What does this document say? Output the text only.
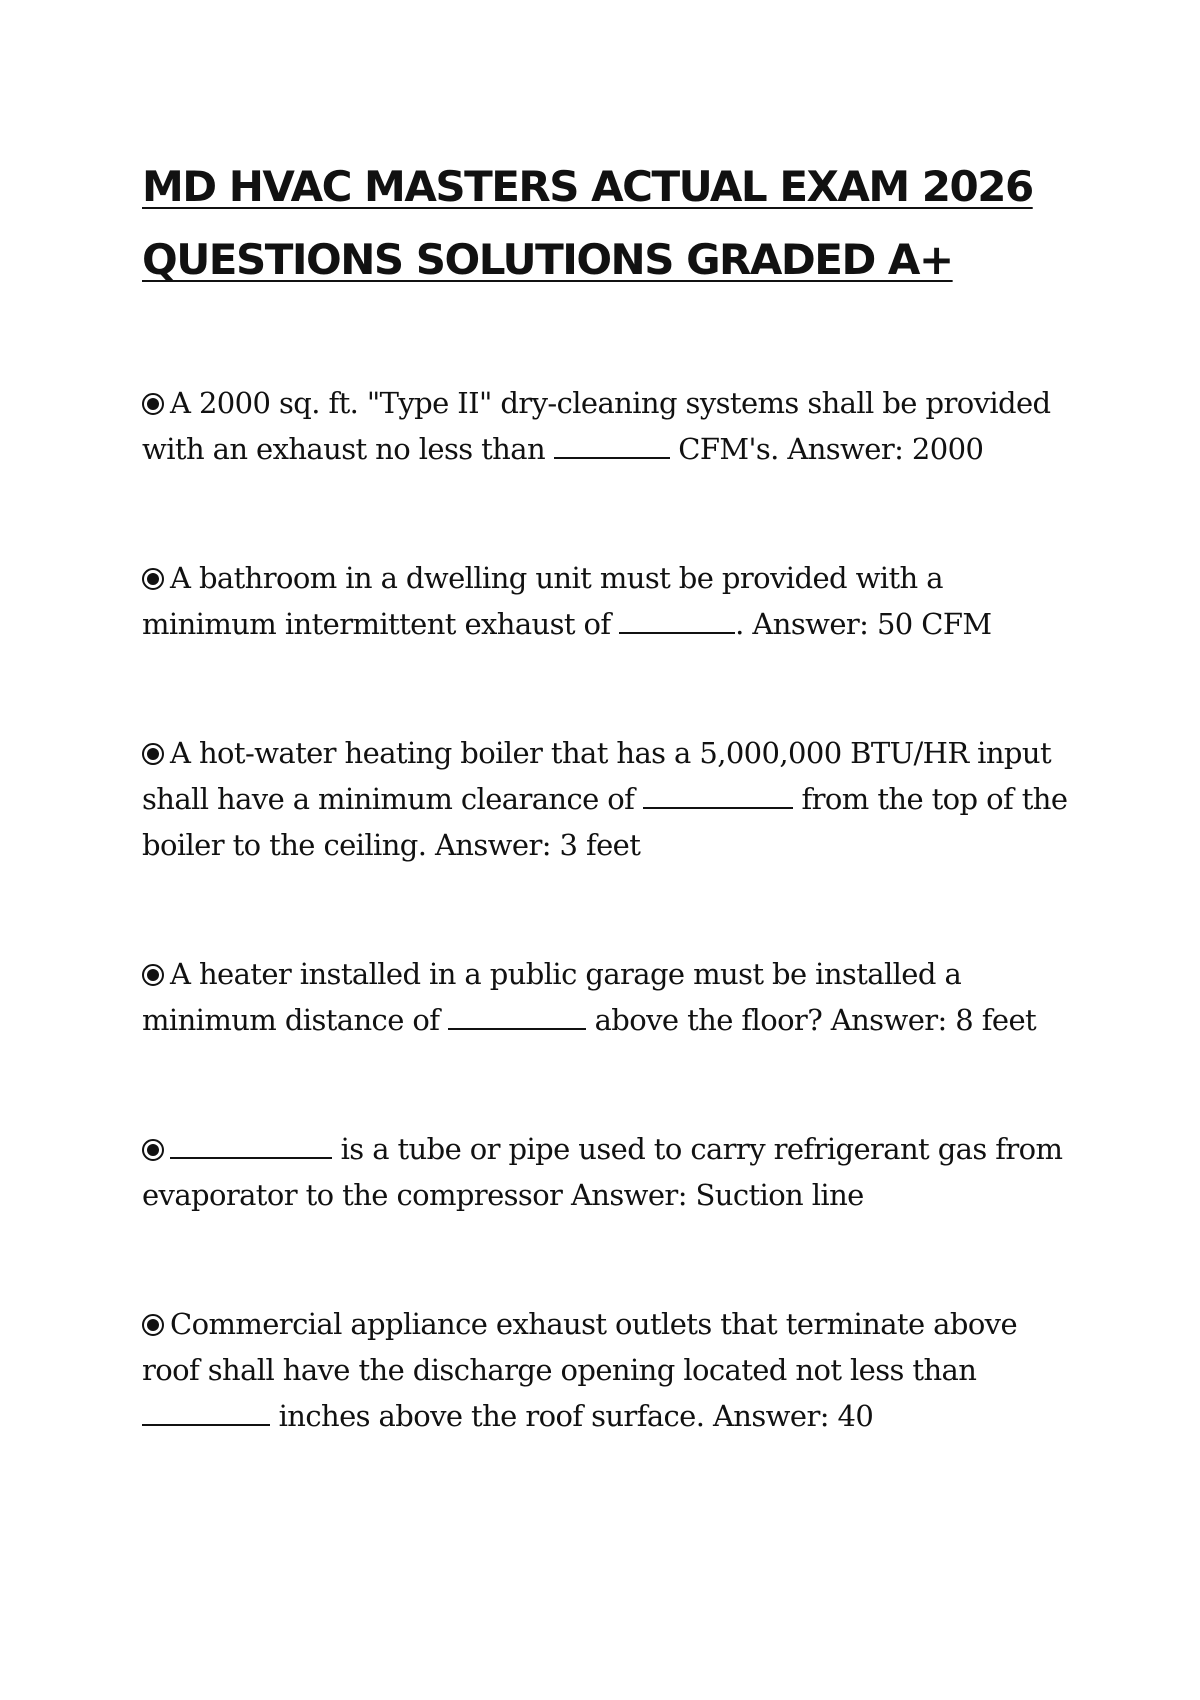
MD HVAC MASTERS ACTUAL EXAM 2026
QUESTIONS SOLUTIONS GRADED A+

A 2000 sq. ft. "Type II" dry-cleaning systems shall be provided with an exhaust no less than	CFM's. Answer: 2000

A bathroom in a dwelling unit must be provided with a minimum intermittent exhaust of	. Answer: 50 CFM

A hot-water heating boiler that has a 5,000,000 BTU/HR input shall have a minimum clearance of	from the top of the boiler to the ceiling. Answer: 3 feet

A heater installed in a public garage must be installed a minimum distance of	above the floor? Answer: 8 feet

is a tube or pipe used to carry refrigerant gas from evaporator to the compressor Answer: Suction line

Commercial appliance exhaust outlets that terminate above roof shall have the discharge opening located not less than  inches above the roof surface. Answer: 40
